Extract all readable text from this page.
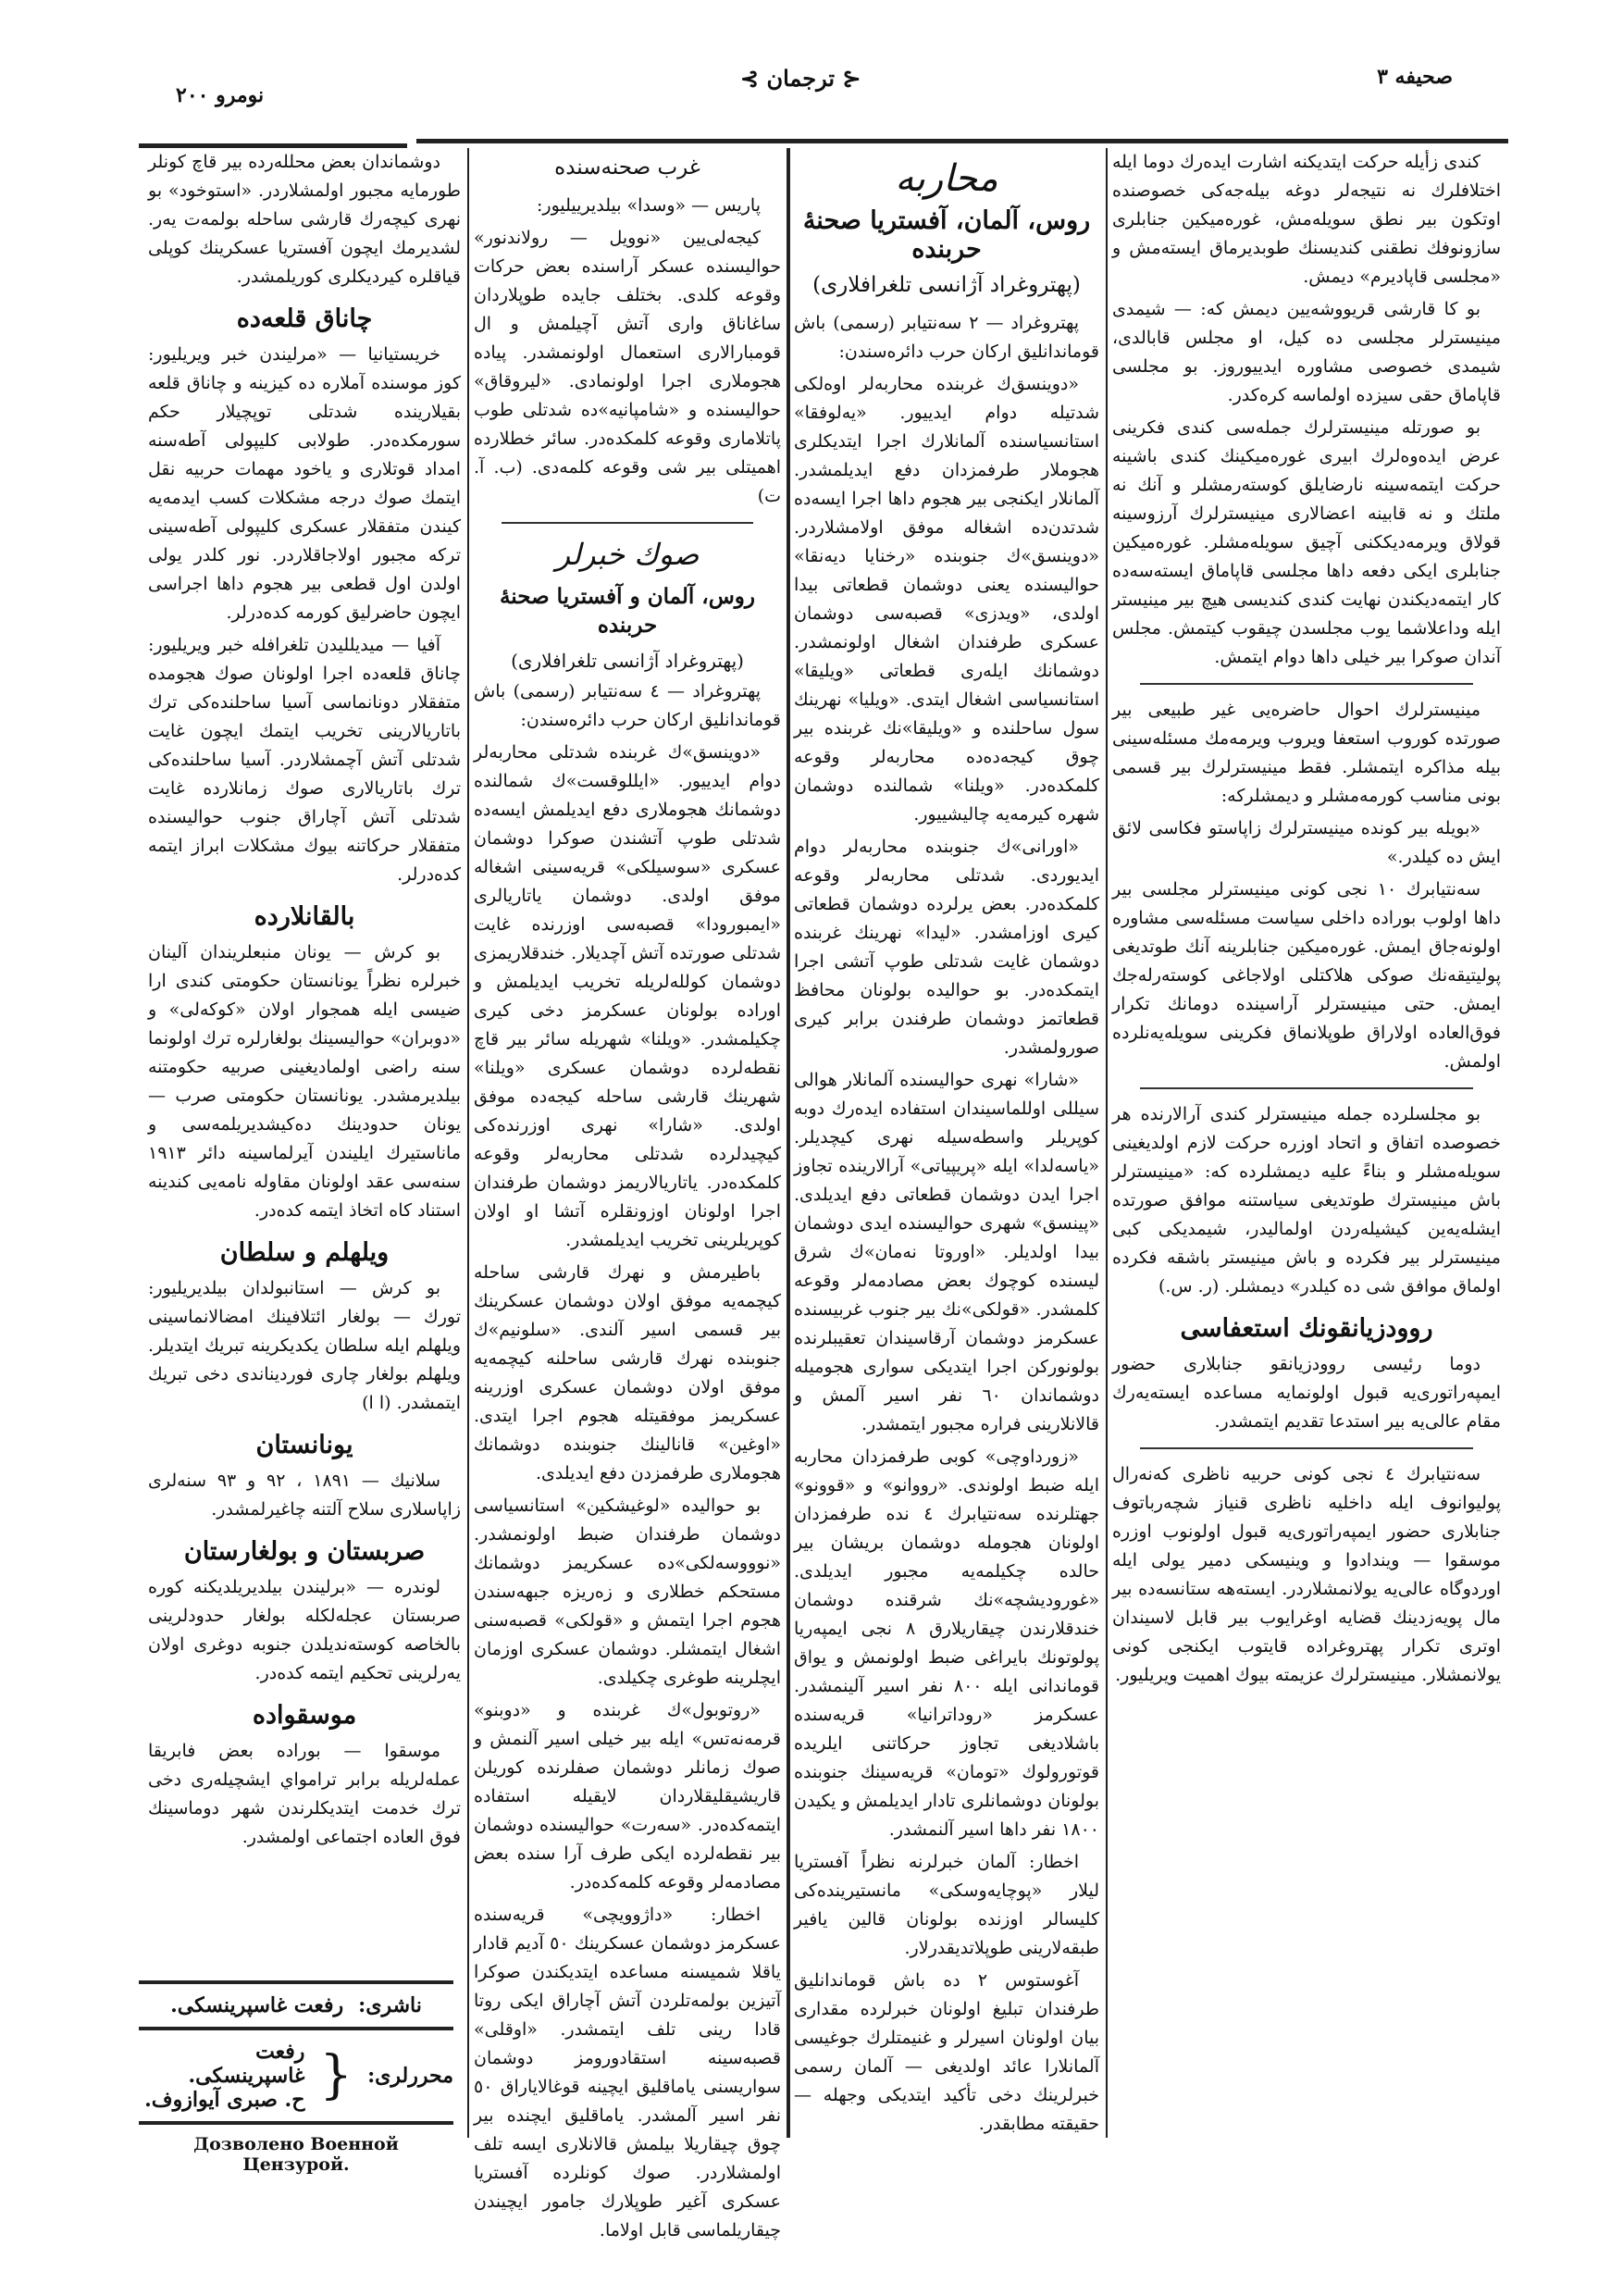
صحیفه ۳
⊰ ترجمان ⊱
نومرو ۲۰۰

کندی زأیله حرکت ایتدیکنه اشارت ایده‌رك دوما ایله اختلافلرك نه نتیجه‌لر دوغه بیله‌جه‌کی خصوصنده اوتکون بیر نطق سویله‌مش، غوره‌میکین جنابلری سازونوفك نطقنی کندیسنك طوبدیرماق ایسته‌مش و «مجلسی قاپادیرم» دیمش.

بو کا قارشی قریووشه‌یین دیمش که: — شیمدی مینیسترلر مجلسی ده کیل، او مجلس قابالدی، شیمدی خصوصی مشاوره ایدییوروز. بو مجلسی قاپاماق حقی سیزده اولماسه کره‌کدر.

بو صورتله مینیسترلرك جمله‌سی کندی فکرینی عرض ایده‌وه‌لرك ابیری غوره‌میکینك کندی باشینه حرکت ایتمه‌سینه نارضایلق کوسته‌رمشلر و آنك نه ملتك و نه قابینه اعضالاری مینیسترلرك آرزوسینه قولاق ویرمه‌دیککنی آچیق سویله‌مشلر. غوره‌میکین جنابلری ایکی دفعه داها مجلسی قاپاماق ایسته‌سه‌ده کار ایتمه‌دیکندن نهایت کندی کندیسی هیچ بیر مینیستر ایله وداعلاشما یوب مجلسدن چیقوب کیتمش. مجلس آندان صوکرا بیر خیلی داها دوام ایتمش.

مینیسترلرك احوال حاضره‌یی غیر طبیعی بیر صورتده کوروب استعفا ویروب ویرمه‌مك مسئله‌سینی بیله مذاکره ایتمشلر. فقط مینیسترلرك بیر قسمی بونی مناسب کورمه‌مشلر و دیمشلرکه:

«بویله بیر کونده مینیسترلرك زاپاستو فکاسی لائق ایش ده کیلدر.»

سه‌نتیابرك ۱۰ نجی کونی مینیسترلر مجلسی بیر داها اولوب بوراده داخلی سیاست مسئله‌سی مشاوره اولونه‌جاق ایمش. غوره‌میکین جنابلرینه آنك طوتدیغی پولیتیقه‌نك صوکی هلاکتلی اولاجاغی کوسته‌رله‌جك ایمش. حتی مینیسترلر آراسینده دومانك تکرار فوق‌العاده اولاراق طوپلانماق فکرینی سویله‌یه‌نلرده اولمش.

بو مجلسلرده جمله مینیسترلر کندی آرالارنده هر خصوصده اتفاق و اتحاد اوزره حرکت لازم اولدیغینی سویله‌مشلر و بناءً علیه دیمشلرده که: «مینیسترلر باش مینیسترك طوتدیغی سیاستنه موافق صورتده ایشله‌یه‌ین کیشیله‌ردن اولمالیدر، شیمدیکی کبی مینیسترلر بیر فکرده و باش مینیستر باشقه فکرده اولماق موافق شی ده کیلدر» دیمشلر. (ر. س.)

روودزیانقونك استعفاسی

دوما رئیسی روودزیانقو جنابلاری حضور ایمپه‌راتوری‌یه قبول اولونمایه مساعده ایسته‌یه‌رك مقام عالی‌یه بیر استدعا تقدیم ایتمشدر.

سه‌نتیابرك ٤ نجی کونی حربیه ناظری که‌نه‌رال پولیوانوف ایله داخلیه ناظری قنیاز شچه‌رباتوف جنابلاری حضور ایمپه‌راتوری‌یه قبول اولونوب اوزره موسقوا — ویندادوا و وینیسکی دمیر یولی ایله اوردوگاه عالی‌یه یولانمشلاردر. ایسته‌هه ستانسه‌ده بیر مال پویه‌زدینك قضایه اوغرایوب بیر قابل لاسیندان اوتری تکرار پهتروغراده قایتوب ایکنجی کونی یولانمشلار. مینیسترلرك عزیمته بیوك اهمیت ویریلیور.

محاربه
روس، آلمان، آفستریا صحنهٔ حربنده
(پهتروغراد آژانسی تلغرافلاری)

پهتروغراد — ۲ سه‌نتیابر (رسمی) باش قوماندانلیق ارکان حرب دائره‌سندن:

«دوینسق‌ك غربنده محاربه‌لر اوه‌لکی شدتیله دوام ایدییور. «یه‌لوفقا» استانسیاسنده آلمانلارك اجرا ایتدیکلری هجوملار طرفمزدان دفع ایدیلمشدر. آلمانلار ایکنجی بیر هجوم داها اجرا ایسه‌ده شدتدن‌ده اشغاله موفق اولامشلاردر. «دوینسق»ك جنوبنده «رخنایا دیه‌نقا» حوالیسنده یعنی دوشمان قطعاتی بیدا اولدی، «ویدزی» قصبه‌سی دوشمان عسکری طرفندان اشغال اولونمشدر. دوشمانك ایله‌ری قطعاتی «ویلیقا» استانسیاسی اشغال ایتدی. «ویلیا» نهرینك سول ساحلنده و «ویلیقا»نك غربنده بیر چوق کیجه‌ده‌ده محاربه‌لر وقوعه کلمکده‌در. «ویلنا» شمالنده دوشمان شهره کیرمه‌یه چالیشییور.

«اورانی»ك جنوبنده محاربه‌لر دوام ایدیوردی. شدتلی محاربه‌لر وقوعه کلمکده‌در. بعض یرلرده دوشمان قطعاتی کیری اوزامشدر. «لیدا» نهرینك غربنده دوشمان غایت شدتلی طوپ آتشی اجرا ایتمکده‌در. بو حوالیده بولونان محافظ قطعاتمز دوشمان طرفندن برابر کیری صورولمشدر.

«شارا» نهری حوالیسنده آلمانلار هوا‌لی سیللی اوللماسیندان استفاده ایده‌رك دوبه کوپریلر واسطه‌سیله نهری کیچدیلر. «یاسه‌لدا» ایله «پریپیاتی» آرالارینده تجاوز اجرا ایدن دوشمان قطعاتی دفع ایدیلدی. «پینسق» شهری حوالیسنده ایدی دوشمان بیدا اولدیلر. «اوروتا نه‌مان»ك شرق لیسنده کوچوك بعض مصادمه‌لر وقوعه کلمشدر. «قولکی»نك بیر جنوب غربیسنده عسکرمز دوشمان آرقاسیندان تعقیبلرنده بولونورکن اجرا ایتدیکی سواری هجومیله دوشماندان ٦۰ نفر اسیر آلمش و قالانلارینی فراره مجبور ایتمشدر.

«زورداوچی» کوبی طرفمزدان محاربه ایله ضبط اولوندی. «رووانو» و «قوونو» جهتلرنده سه‌نتیابرك ٤ نده طرفمزدان اولونان هجومله دوشمان بریشان بیر حالده چکیلمه‌یه مجبور ایدیلدی. «غورودیشچه»نك شرقنده دوشمان خندقلارندن چیقاریلارق ۸ نجی ایمپه‌ریا پولوتونك بایراغی ضبط اولونمش و یواق قوماندانی ایله ۸۰۰ نفر اسیر آلینمشدر. عسکرمز «روداترانیا» قریه‌سنده باشلادیغی تجاوز حرکاتنی ایلریده قوتورولوك «تومان» قریه‌سینك جنوبنده بولونان دوشمانلری تادار ایدیلمش و یکیدن ۱۸۰۰ نفر داها اسیر آلنمشدر.

اخطار: آلمان خبرلرنه نظراً آفستریا لیلار «پوچایه‌وسکی» مانستیرینده‌کی کلیسالر اوزنده بولونان قالین یافیر طبقه‌لارینی طوپلاتدیقدرلار.

آغوستوس ۲ ده باش قوماندانلیق طرفندان تبلیغ اولونان خبرلرده مقداری بیان اولونان اسیرلر و غنیمتلرك جوغیسی آلمانلارا عائد اولدیغی — آلمان رسمی خبرلرینك دخی تأکید ایتدیکی وجهله — حقیقته مطابقدر.

غرب صحنه‌سنده

پاریس — «وسدا» بیلدیرییلیور:

کیجه‌لی‌یین «نوویل — رولاندنور» حوالیسنده عسکر آراسنده بعض حرکات وقوعه کلدی. بختلف جایده طوپلاردان ساغاناق واری آتش آچیلمش و ال قومبارالاری استعمال اولونمشدر. پیاده هجوملاری اجرا اولونمادی. «لیروقاق» حوالیسنده و «شامپانیه»ده شدتلی طوب پاتلاماری وقوعه کلمکده‌در. سائر خطلارده اهمیتلی بیر شی وقوعه کلمه‌دی. (ب. آ. ت)

صوك خبرلر
روس، آلمان و آفستریا صحنهٔ حربنده
(پهتروغراد آژانسی تلغرافلاری)

پهتروغراد — ٤ سه‌نتیابر (رسمی) باش قوماندانلیق ارکان حرب دائره‌سندن:

«دوینسق»ك غربنده شدتلی محاربه‌لر دوام ایدییور. «ایللوقست»ك شمالنده دوشمانك هجوملاری دفع ایدیلمش ایسه‌ده شدتلی طوپ آتشندن صوکرا دوشمان عسکری «سوسیلکی» قریه‌سینی اشغاله موفق اولدی. دوشمان یاتاریالری «ایمبورودا» قصبه‌سی اوزرنده غایت شدتلی صورتده آتش آچدیلار. خندقلاریمزی دوشمان کولله‌لریله تخریب ایدیلمش و اوراده بولونان عسکرمز دخی کیری چکیلمشدر. «ویلنا» شهریله سائر بیر قاچ نقطه‌لرده دوشمان عسکری «ویلنا» شهرینك قارشی ساحله کیجه‌ده موفق اولدی. «شارا» نهری اوزرنده‌کی کیچیدلرده شدتلی محاربه‌لر وقوعه کلمکده‌در. یاتاریالاریمز دوشمان طرفندان اجرا اولونان اوزونقلره آتشا او اولان کوپریلرینی تخریب ایدیلمشدر.

باطیرمش و نهرك قارشی ساحله کیچمه‌یه موفق اولان دوشمان عسکرینك بیر قسمی اسیر آلندی. «سلونیم»ك جنوبنده نهرك قارشی ساحلنه کیچمه‌یه موفق اولان دوشمان عسکری اوزرینه عسکریمز موفقیتله هجوم اجرا ایتدی. «اوغین» قانالینك جنوبنده دوشمانك هجوملاری طرفمزدن دفع ایدیلدی.

بو حوالیده «لوغیشکین» استانسیاسی دوشمان طرفندان ضبط اولونمشدر. «نوووسه‌لکی»ده عسکریمز دوشمانك مستحکم خطلاری و زه‌ریزه جبهه‌سندن هجوم اجرا ایتمش و «قولکی» قصبه‌سنی اشغال ایتمشلر. دوشمان عسکری اوزمان ایچلرینه طوغری چکیلدی.

«روتوبول»ك غربنده و «دوبنو» قرمه‌نه‌تس» ایله بیر خیلی اسیر آلنمش و صوك زمانلر دوشمان صفلرنده کوریلن قاریشیقلیقلاردان لایقیله استفاده ایتمه‌کده‌در. «سه‌رت» حوالیسنده دوشمان بیر نقطه‌لرده ایکی طرف آرا سنده بعض مصادمه‌لر وقوعه کلمه‌کده‌در.

اخطار: «داژوویچی» قریه‌سنده عسکرمز دوشمان عسکرینك ٥۰ آدیم قادار یاقلا شمیسنه مساعده ایتدیکندن صوکرا آتیزین بولمه‌تلردن آتش آچاراق ایکی روتا قادا رینی تلف ایتمشدر. «اوقلی» قصبه‌سینه استقادورومز دوشمان سواریسنی یاماقلیق ایچینه قوغالایاراق ٥۰ نفر اسیر آلمشدر. یاماقلیق ایچنده بیر چوق چیقاریلا بیلمش قالانلاری ایسه تلف اولمشلاردر. صوك کونلرده آفستریا عسکری آغیر طوپلارك جامور ایچیندن چیقاریلماسی قابل اولاما.

دوشماندان بعض محلله‌رده بیر قاچ کونلر طورمایه مجبور اولمشلاردر. «استوخود» بو نهری کیچه‌رك قارشی ساحله بولمه‌ت یه‌ر. لشدیرمك ایچون آفستریا عسکرینك کوپلی قیاقلره کیردیکلری کوریلمشدر.

چاناق قلعه‌ده

خریستیانیا — «مرلیندن خبر ویریلیور: کوز موسنده آملاره ده کیزینه و چاناق قلعه بقیلارینده شدتلی توپچیلار حکم سورمکده‌در. طولابی کلیپولی آطه‌سنه امداد قوتلاری و یاخود مهمات حربیه نقل ایتمك صوك درجه مشکلات کسب ایدمه‌یه کیندن متفقلار عسکری کلیپولی آطه‌سینی ترکه مجبور اولاجاقلاردر. نور کلدر یولی اولدن اول قطعی بیر هجوم داها اجراسی ایچون حاضرلیق کورمه کده‌درلر.

آفیا — میدیللیدن تلغرافله خبر ویریلیور: چاناق قلعه‌ده اجرا اولونان صوك هجومده متفقلار دونانماسی آسیا ساحلنده‌کی ترك باتاریالارینی تخریب ایتمك ایچون غایت شدتلی آتش آچمشلاردر. آسیا ساحلنده‌کی ترك باتاریالاری صوك زمانلارده غایت شدتلی آتش آچاراق جنوب حوالیسنده متفقلار حرکاتنه بیوك مشکلات ابراز ایتمه کده‌درلر.

بالقانلارده

بو کرش — یونان منبعلریندان آلینان خبرلره نظراً یونانستان حکومتی کندی ارا ضیسی ایله همجوار اولان «کوکه‌لی» و «دوبران» حوالیسینك بولغارلره ترك اولونما سنه راضی اولمادیغینی صربیه حکومتنه بیلدیرمشدر. یونانستان حکومتی صرب — یونان حدودینك ده‌کیشدیریلمه‌سی و ماناستیرك ایلیندن آیرلماسینه دائر ۱۹۱۳ سنه‌سی عقد اولونان مقاوله نامه‌یی کندینه استناد کاه اتخاذ ایتمه کده‌در.

ویلهلم و سلطان

بو کرش — استانبولدان بیلدیریلیور: تورك — بولغار ائتلافینك امضالانماسینی ویلهلم ایله سلطان یکدیکرینه تبریك ایتدیلر. ویلهلم بولغار چاری فوردیناندی دخی تبریك ایتمشدر. (ا ا)

یونانستان

سلانیك — ۱۸۹۱ ، ۹۲ و ۹۳ سنه‌لری زاپاسلاری سلاح آلتنه چاغیرلمشدر.

صربستان و بولغارستان

لوندره — «برلیندن بیلدیریلدیکنه کوره صربستان عجله‌لکله بولغار حدودلرینی بالخاصه کوسته‌ندیلدن جنوبه دوغری اولان یه‌رلرینی تحکیم ایتمه کده‌در.

موسقواده

موسقوا — بوراده بعض فابریقا عمله‌لریله برابر ترامواي ایشچیله‌ری دخی ترك خدمت ایتدیکلرندن شهر دوماسینك فوق العاده اجتماعی اولمشدر.

ناشری:
رفعت غاسپرینسکی.
محررلری:
{
رفعت غاسپرینسکی.
ح. صبری آیوازوف.
Дозволено Военной Цензурой.
